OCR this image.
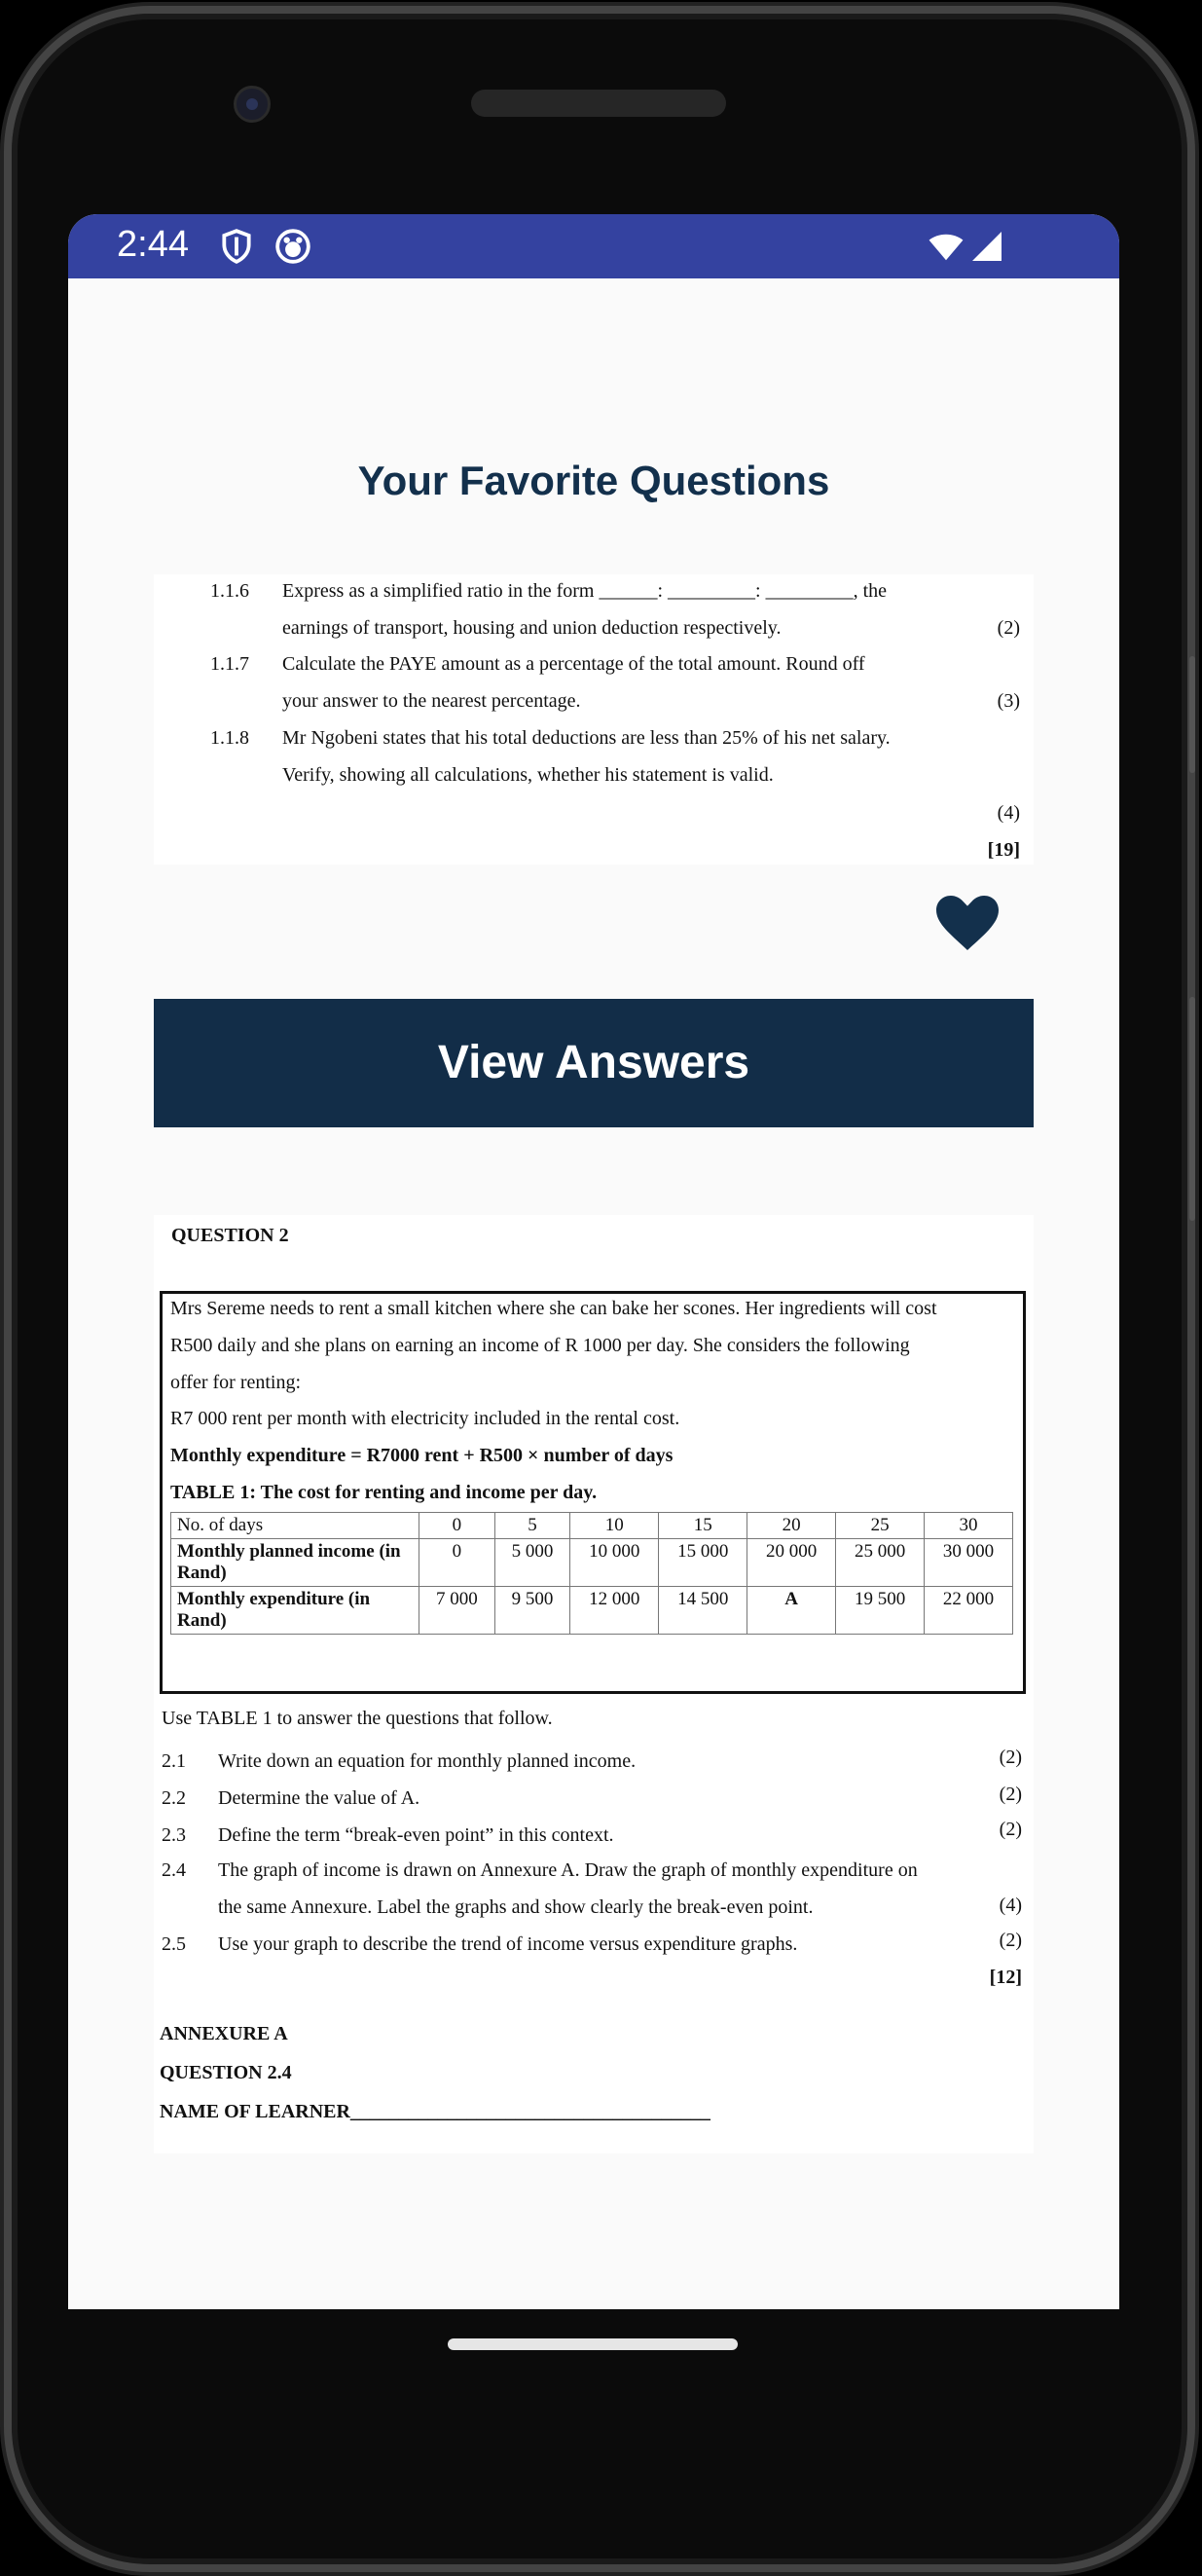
2:44
Your Favorite Questions
1.1.6 Express as a simplified ratio in the form ______: _________: _________, the
earnings of transport, housing and union deduction respectively.	(2)
1.1.7 Calculate the PAYE amount as a percentage of the total amount. Round off
your answer to the nearest percentage.	(3)
1.1.8 Mr Ngobeni states that his total deductions are less than 25% of his net salary.
Verify, showing all calculations, whether his statement is valid.
(4)
[19]
View Answers
QUESTION 2
Mrs Sereme needs to rent a small kitchen where she can bake her scones. Her ingredients will cost
R500 daily and she plans on earning an income of R 1000 per day. She considers the following
offer for renting:
R7 000 rent per month with electricity included in the rental cost.
Monthly expenditure = R7000 rent + R500 × number of days
TABLE 1: The cost for renting and income per day.
No. of days	0	5	10	15	20	25	30
Monthly planned income (in Rand)	0	5 000	10 000	15 000	20 000	25 000	30 000
Monthly expenditure (in Rand)	7 000	9 500	12 000	14 500	A	19 500	22 000
Use TABLE 1 to answer the questions that follow.
2.1 Write down an equation for monthly planned income.	(2)
2.2 Determine the value of A.	(2)
2.3 Define the term “break-even point” in this context.	(2)
2.4 The graph of income is drawn on Annexure A. Draw the graph of monthly expenditure on
the same Annexure. Label the graphs and show clearly the break-even point.	(4)
2.5 Use your graph to describe the trend of income versus expenditure graphs.	(2)
[12]
ANNEXURE A
QUESTION 2.4
NAME OF LEARNER_____________________________________
